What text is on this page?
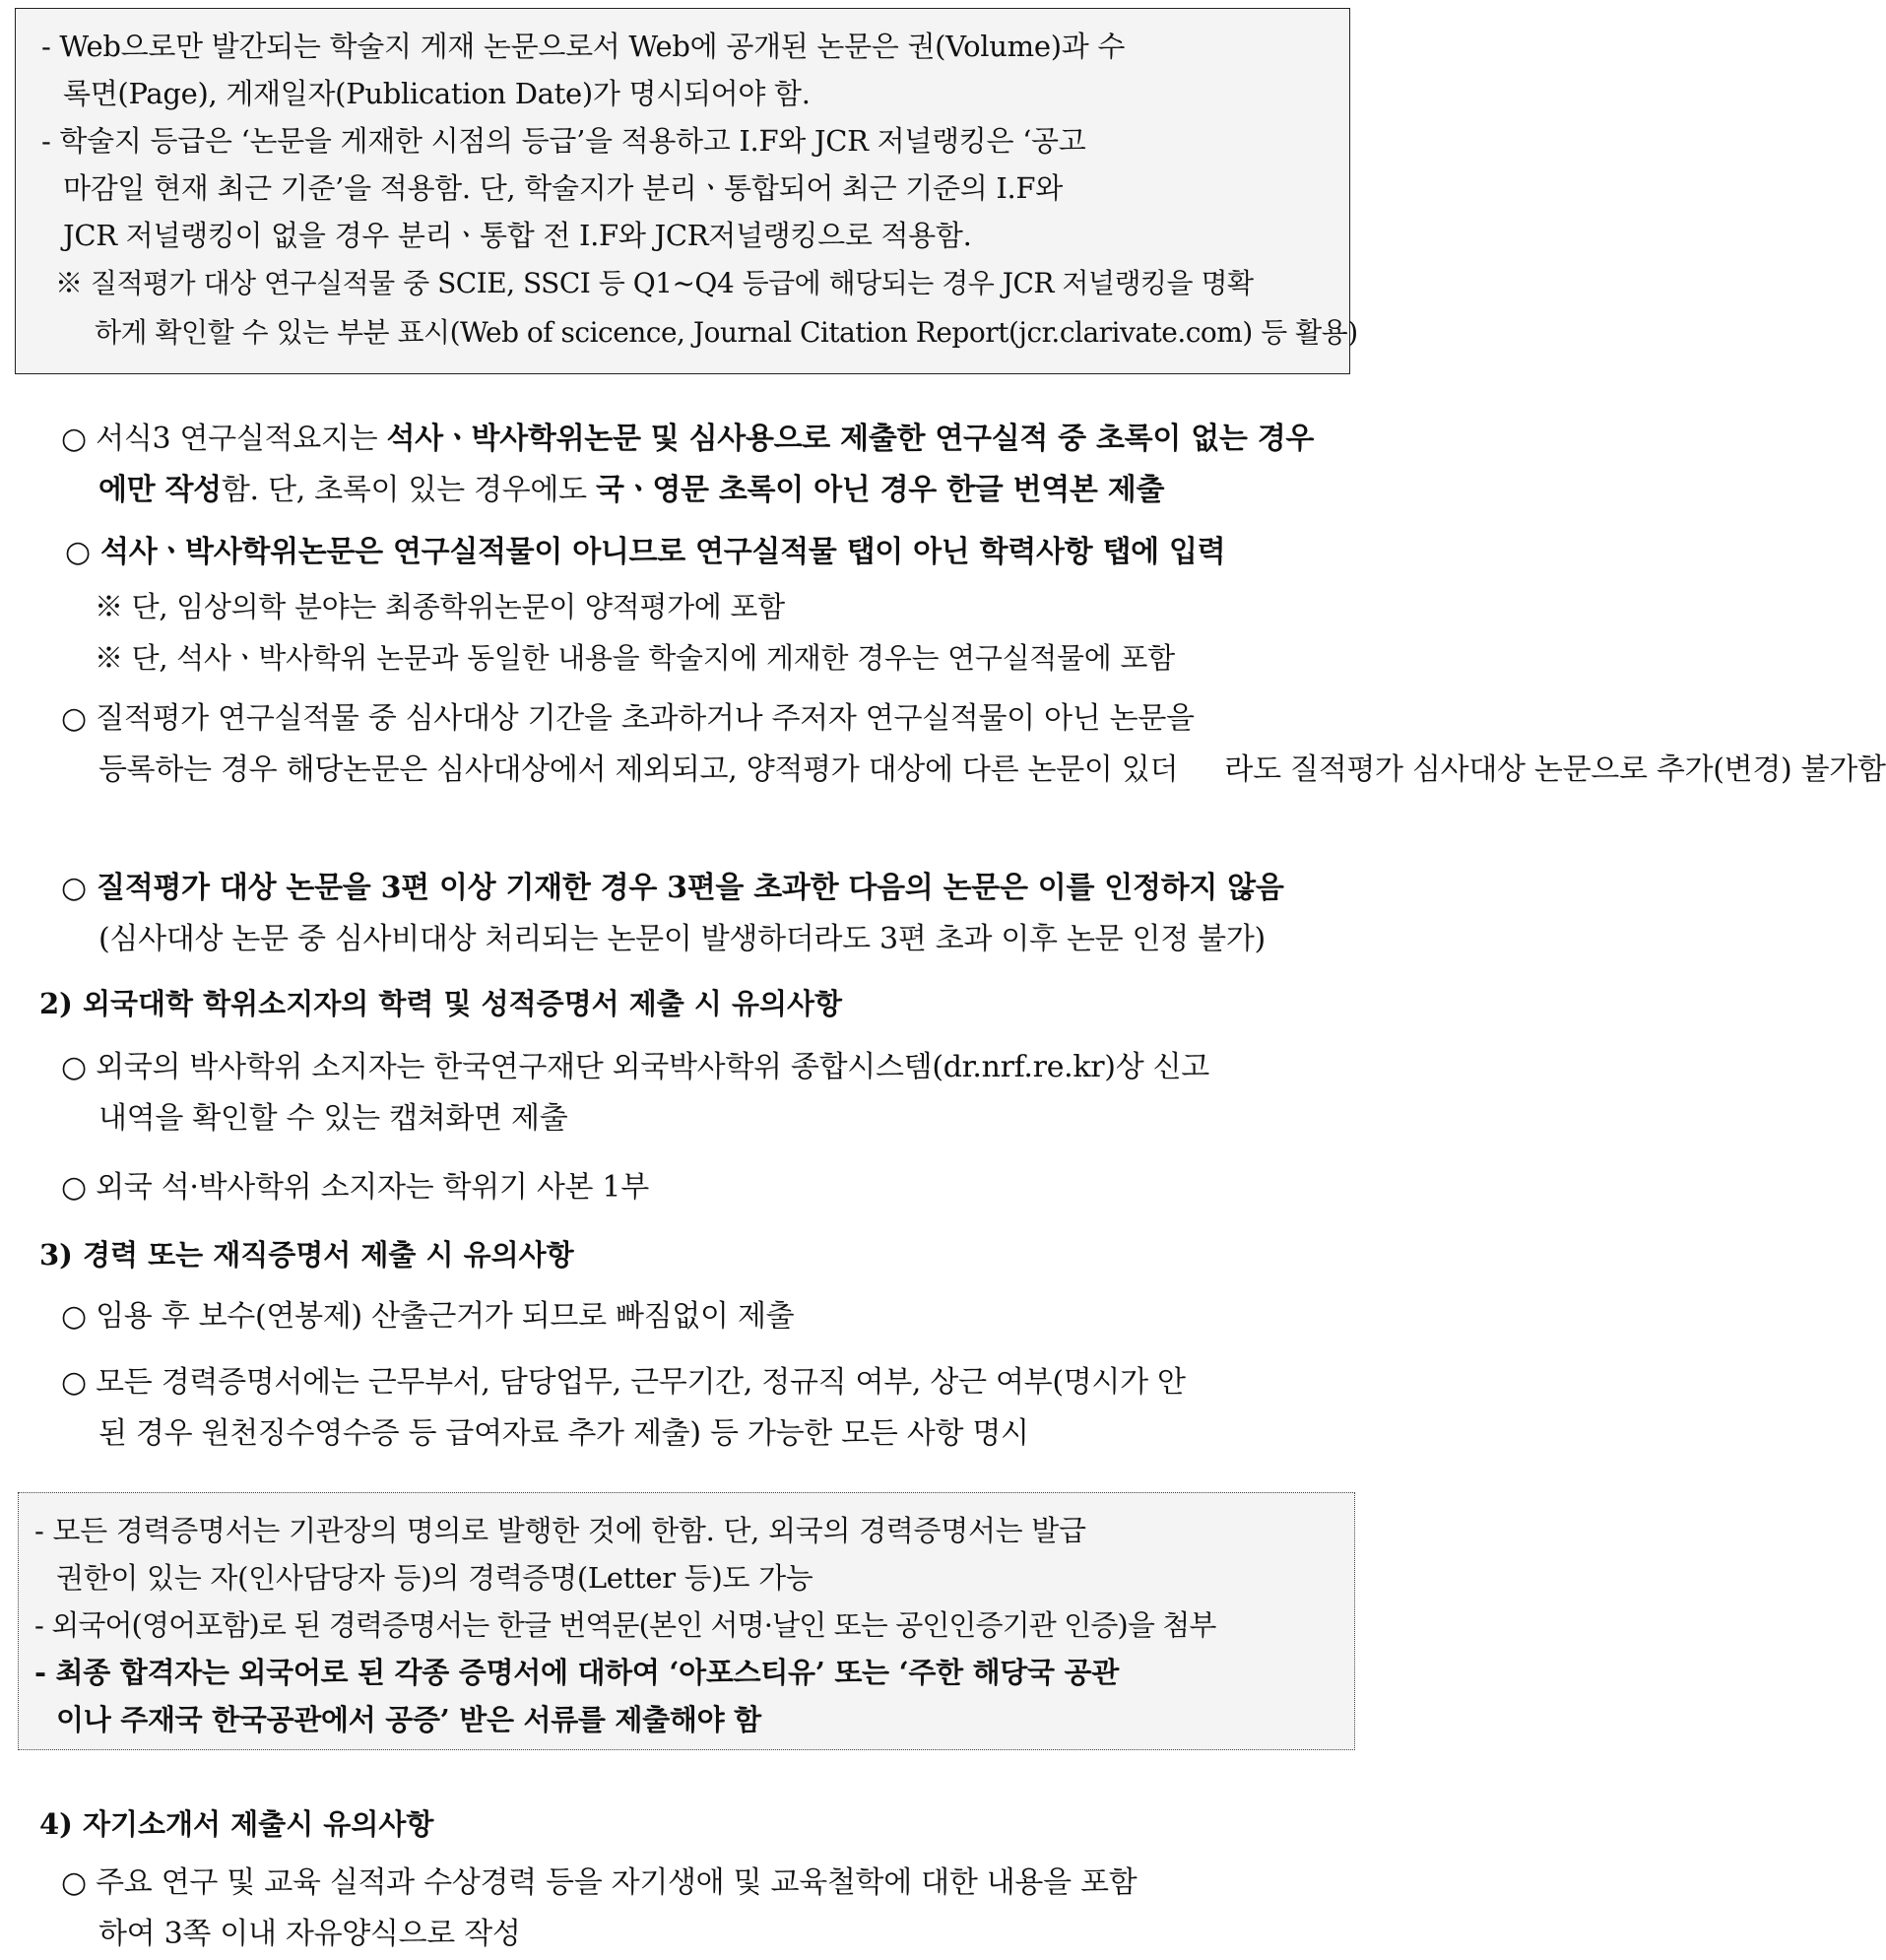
- Web으로만 발간되는 학술지 게재 논문으로서 Web에 공개된 논문은 권(Volume)과 수
록면(Page), 게재일자(Publication Date)가 명시되어야 함.
- 학술지 등급은 ‘논문을 게재한 시점의 등급’을 적용하고 I.F와 JCR 저널랭킹은 ‘공고
마감일 현재 최근 기준’을 적용함. 단, 학술지가 분리ㆍ통합되어 최근 기준의 I.F와
JCR 저널랭킹이 없을 경우 분리ㆍ통합 전 I.F와 JCR저널랭킹으로 적용함.
※ 질적평가 대상 연구실적물 중 SCIE, SSCI 등 Q1~Q4 등급에 해당되는 경우 JCR 저널랭킹을 명확
하게 확인할 수 있는 부분 표시(Web of scicence, Journal Citation Report(jcr.clarivate.com) 등 활용)
○ 서식3 연구실적요지는 석사ㆍ박사학위논문 및 심사용으로 제출한 연구실적 중 초록이 없는 경우
에만 작성함. 단, 초록이 있는 경우에도 국ㆍ영문 초록이 아닌 경우 한글 번역본 제출
○ 석사ㆍ박사학위논문은 연구실적물이 아니므로 연구실적물 탭이 아닌 학력사항 탭에 입력
※ 단, 임상의학 분야는 최종학위논문이 양적평가에 포함
※ 단, 석사ㆍ박사학위 논문과 동일한 내용을 학술지에 게재한 경우는 연구실적물에 포함
○ 질적평가 연구실적물 중 심사대상 기간을 초과하거나 주저자 연구실적물이 아닌 논문을
등록하는 경우 해당논문은 심사대상에서 제외되고, 양적평가 대상에 다른 논문이 있더 라도 질적평가 심사대상 논문으로 추가(변경) 불가함
○ 질적평가 대상 논문을 3편 이상 기재한 경우 3편을 초과한 다음의 논문은 이를 인정하지 않음
(심사대상 논문 중 심사비대상 처리되는 논문이 발생하더라도 3편 초과 이후 논문 인정 불가)
2) 외국대학 학위소지자의 학력 및 성적증명서 제출 시 유의사항
○ 외국의 박사학위 소지자는 한국연구재단 외국박사학위 종합시스템(dr.nrf.re.kr)상 신고
내역을 확인할 수 있는 캡쳐화면 제출
○ 외국 석·박사학위 소지자는 학위기 사본 1부
3) 경력 또는 재직증명서 제출 시 유의사항
○ 임용 후 보수(연봉제) 산출근거가 되므로 빠짐없이 제출
○ 모든 경력증명서에는 근무부서, 담당업무, 근무기간, 정규직 여부, 상근 여부(명시가 안
된 경우 원천징수영수증 등 급여자료 추가 제출) 등 가능한 모든 사항 명시
- 모든 경력증명서는 기관장의 명의로 발행한 것에 한함. 단, 외국의 경력증명서는 발급
권한이 있는 자(인사담당자 등)의 경력증명(Letter 등)도 가능
- 외국어(영어포함)로 된 경력증명서는 한글 번역문(본인 서명·날인 또는 공인인증기관 인증)을 첨부
- 최종 합격자는 외국어로 된 각종 증명서에 대하여 ‘아포스티유’ 또는 ‘주한 해당국 공관
이나 주재국 한국공관에서 공증’ 받은 서류를 제출해야 함
4) 자기소개서 제출시 유의사항
○ 주요 연구 및 교육 실적과 수상경력 등을 자기생애 및 교육철학에 대한 내용을 포함
하여 3쪽 이내 자유양식으로 작성
